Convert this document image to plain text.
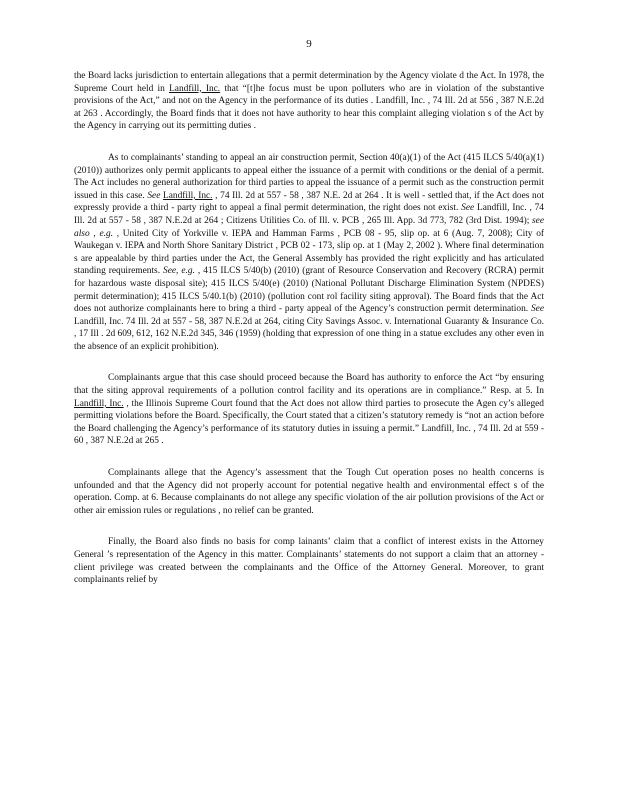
9

the Board lacks jurisdiction to entertain allegations that a permit determination by the Agency violate d the Act. In 1978, the Supreme Court held in Landfill, Inc. that “[t]he focus must be upon polluters who are in violation of the substantive provisions of the Act,” and not on the Agency in the performance of its duties . Landfill, Inc. , 74 Ill. 2d at 556 , 387 N.E.2d at 263 . Accordingly, the Board finds that it does not have authority to hear this complaint alleging violation s of the Act by the Agency in carrying out its permitting duties .

As to complainants’ standing to appeal an air construction permit, Section 40(a)(1) of the Act (415 ILCS 5/40(a)(1) (2010)) authorizes only permit applicants to appeal either the issuance of a permit with conditions or the denial of a permit. The Act includes no general authorization for third parties to appeal the issuance of a permit such as the construction permit issued in this case. See Landfill, Inc. , 74 Ill. 2d at 557 - 58 , 387 N.E. 2d at 264 . It is well - settled that, if the Act does not expressly provide a third - party right to appeal a final permit determination, the right does not exist. See Landfill, Inc. , 74 Ill. 2d at 557 - 58 , 387 N.E.2d at 264 ; Citizens Utilities Co. of Ill. v. PCB , 265 Ill. App. 3d 773, 782 (3rd Dist. 1994); see also , e.g. , United City of Yorkville v. IEPA and Hamman Farms , PCB 08 - 95, slip op. at 6 (Aug. 7, 2008); City of Waukegan v. IEPA and North Shore Sanitary District , PCB 02 - 173, slip op. at 1 (May 2, 2002 ). Where final determination s are appealable by third parties under the Act, the General Assembly has provided the right explicitly and has articulated standing requirements. See, e.g. , 415 ILCS 5/40(b) (2010) (grant of Resource Conservation and Recovery (RCRA) permit for hazardous waste disposal site); 415 ILCS 5/40(e) (2010) (National Pollutant Discharge Elimination System (NPDES) permit determination); 415 ILCS 5/40.1(b) (2010) (pollution cont rol facility siting approval). The Board finds that the Act does not authorize complainants here to bring a third - party appeal of the Agency’s construction permit determination. See Landfill, Inc. 74 Ill. 2d at 557 - 58, 387 N.E.2d at 264, citing City Savings Assoc. v. International Guaranty & Insurance Co. , 17 Ill . 2d 609, 612, 162 N.E.2d 345, 346 (1959) (holding that expression of one thing in a statue excludes any other even in the absence of an explicit prohibition).

Complainants argue that this case should proceed because the Board has authority to enforce the Act “by ensuring that the siting approval requirements of a pollution control facility and its operations are in compliance.” Resp. at 5. In Landfill, Inc. , the Illinois Supreme Court found that the Act does not allow third parties to prosecute the Agen cy’s alleged permitting violations before the Board. Specifically, the Court stated that a citizen’s statutory remedy is “not an action before the Board challenging the Agency’s performance of its statutory duties in issuing a permit.” Landfill, Inc. , 74 Ill. 2d at 559 - 60 , 387 N.E.2d at 265 .

Complainants allege that the Agency’s assessment that the Tough Cut operation poses no health concerns is unfounded and that the Agency did not properly account for potential negative health and environmental effect s of the operation. Comp. at 6. Because complainants do not allege any specific violation of the air pollution provisions of the Act or other air emission rules or regulations , no relief can be granted.

Finally, the Board also finds no basis for comp lainants’ claim that a conflict of interest exists in the Attorney General ’s representation of the Agency in this matter. Complainants’ statements do not support a claim that an attorney - client privilege was created between the complainants and the Office of the Attorney General. Moreover, to grant complainants relief by
